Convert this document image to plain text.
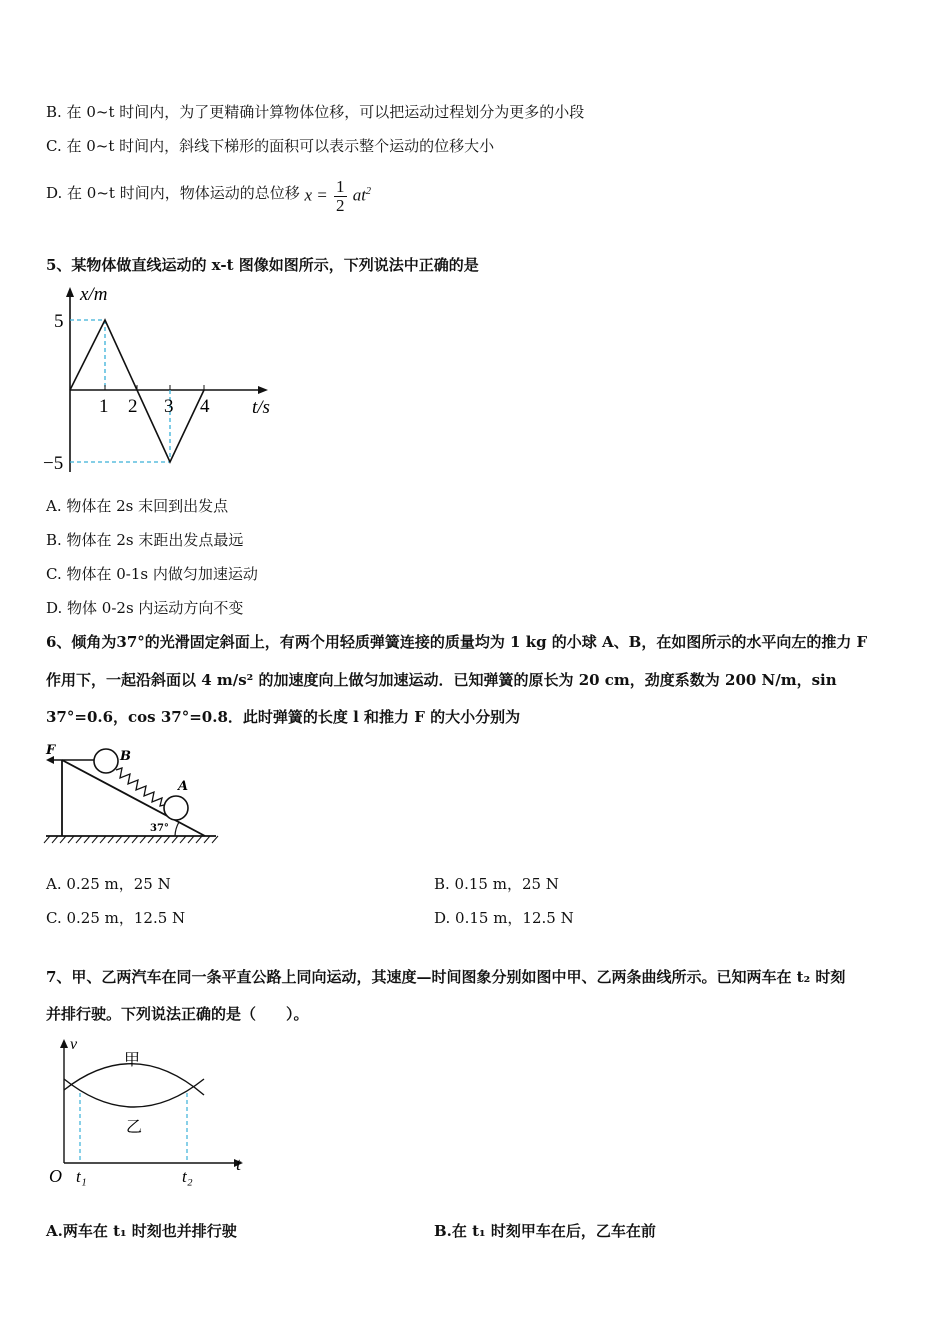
B. 在 0~t 时间内，为了更精确计算物体位移，可以把运动过程划分为更多的小段
C. 在 0~t 时间内，斜线下梯形的面积可以表示整个运动的位移大小
D. 在 0~t 时间内，物体运动的总位移 $x = \frac{1}{2} at^2$
5、某物体做直线运动的 x-t 图像如图所示，下列说法中正确的是
x/m
t/s
5
−5
1 2 3 4
A. 物体在 2s 末回到出发点
B. 物体在 2s 末距出发点最远
C. 物体在 0-1s 内做匀加速运动
D. 物体 0-2s 内运动方向不变
6、倾角为37°的光滑固定斜面上，有两个用轻质弹簧连接的质量均为 1 kg 的小球 A、B，在如图所示的水平向左的推力 F
作用下，一起沿斜面以 4 m/s² 的加速度向上做匀加速运动．已知弹簧的原长为 20 cm，劲度系数为 200 N/m，sin
37°=0.6，cos 37°=0.8．此时弹簧的长度 l 和推力 F 的大小分别为
F	B
A
37°
A. 0.25 m，25 N	B. 0.15 m，25 N
C. 0.25 m，12.5 N	D. 0.15 m，12.5 N
7、甲、乙两汽车在同一条平直公路上同向运动，其速度—时间图象分别如图中甲、乙两条曲线所示。已知两车在 t₂ 时刻
并排行驶。下列说法正确的是（　　）。
v
t
O t₁	t₂
甲
乙
A.两车在 t₁ 时刻也并排行驶	B.在 t₁ 时刻甲车在后，乙车在前
